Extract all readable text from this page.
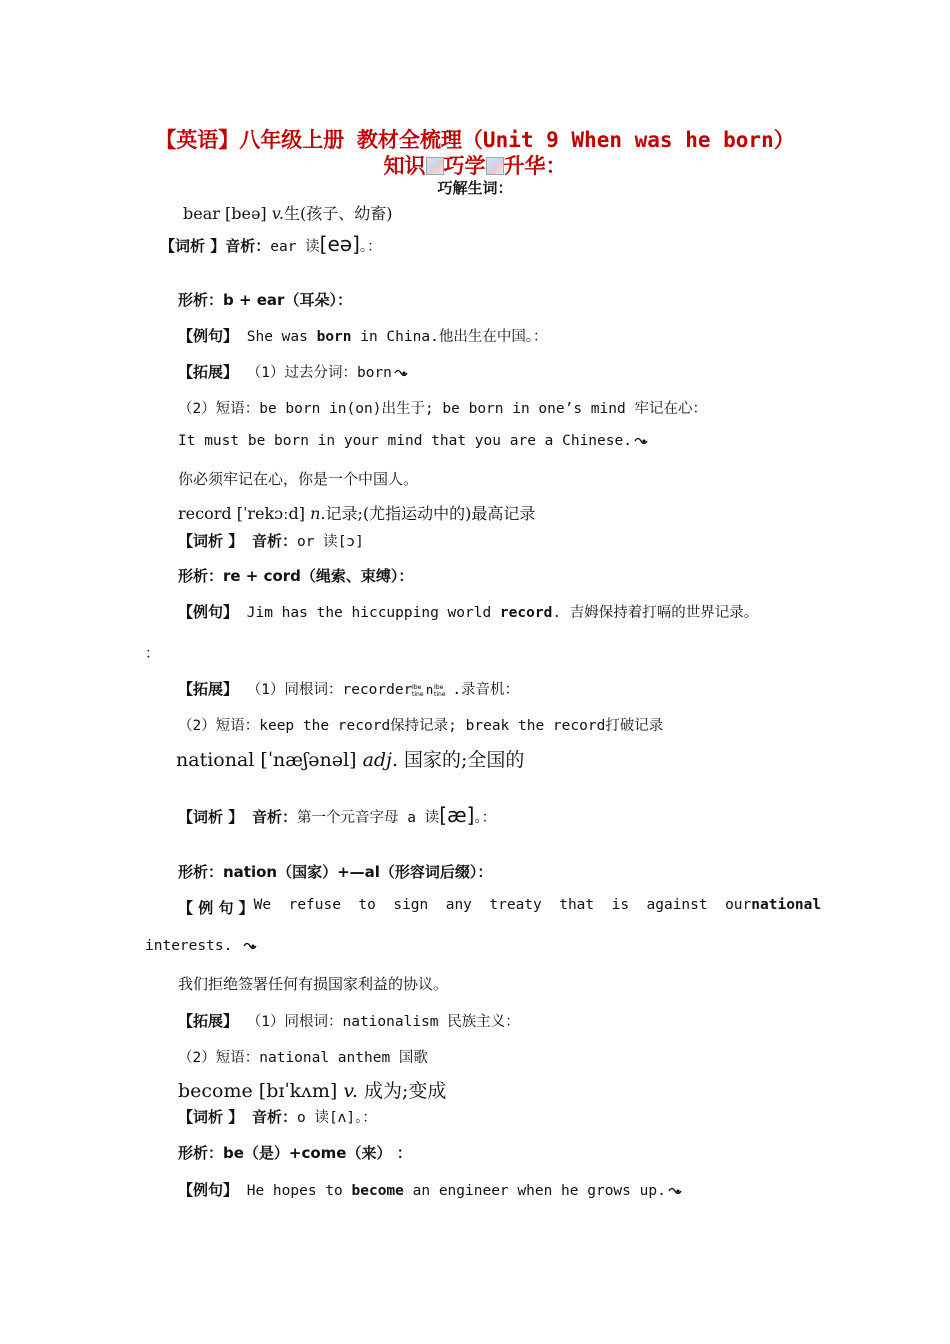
【英语】八年级上册 教材全梳理（Unit 9 When was he born）
知识 巧学 升华：
巧解生词：
bear [beə] v.生(孩子、幼畜)
【词析 】音析：ear 读[eə]。：
形析：b + ear（耳朵）：
【例句】 She was born in China.他出生在中国。：
【拓展】 （1）过去分词：born
（2）短语：be born in(on)出生于; be born in one’s mind 牢记在心：
It must be born in your mind that you are a Chinese.
你必须牢记在心，你是一个中国人。
record [ˈrekɔːd] n.记录;(尤指运动中的)最高记录
【词析 】 音析：or 读[ɔ]
形析：re + cord（绳索、束缚）：
【例句】 Jim has the hiccupping world record. 吉姆保持着打嗝的世界记录。
：
【拓展】 （1）同根词：recorder Ibe
tine n Ibe
tine .录音机：
（2）短语：keep the record保持记录; break the record打破记录
national [ˈnæʃənəl] adj. 国家的;全国的
【词析 】 音析：第一个元音字母 a 读[æ]。：
形析：nation（国家）+—al（形容词后缀）：
【 例 句 】 We  refuse  to  sign  any  treaty  that  is  against  our national
interests.
我们拒绝签署任何有损国家利益的协议。
【拓展】 （1）同根词：nationalism 民族主义：
（2）短语：national anthem 国歌
become [bɪˈkʌm] v. 成为;变成
【词析 】 音析：o 读[ʌ]。：
形析：be（是）+come（来） ：
【例句】 He hopes to become an engineer when he grows up.
